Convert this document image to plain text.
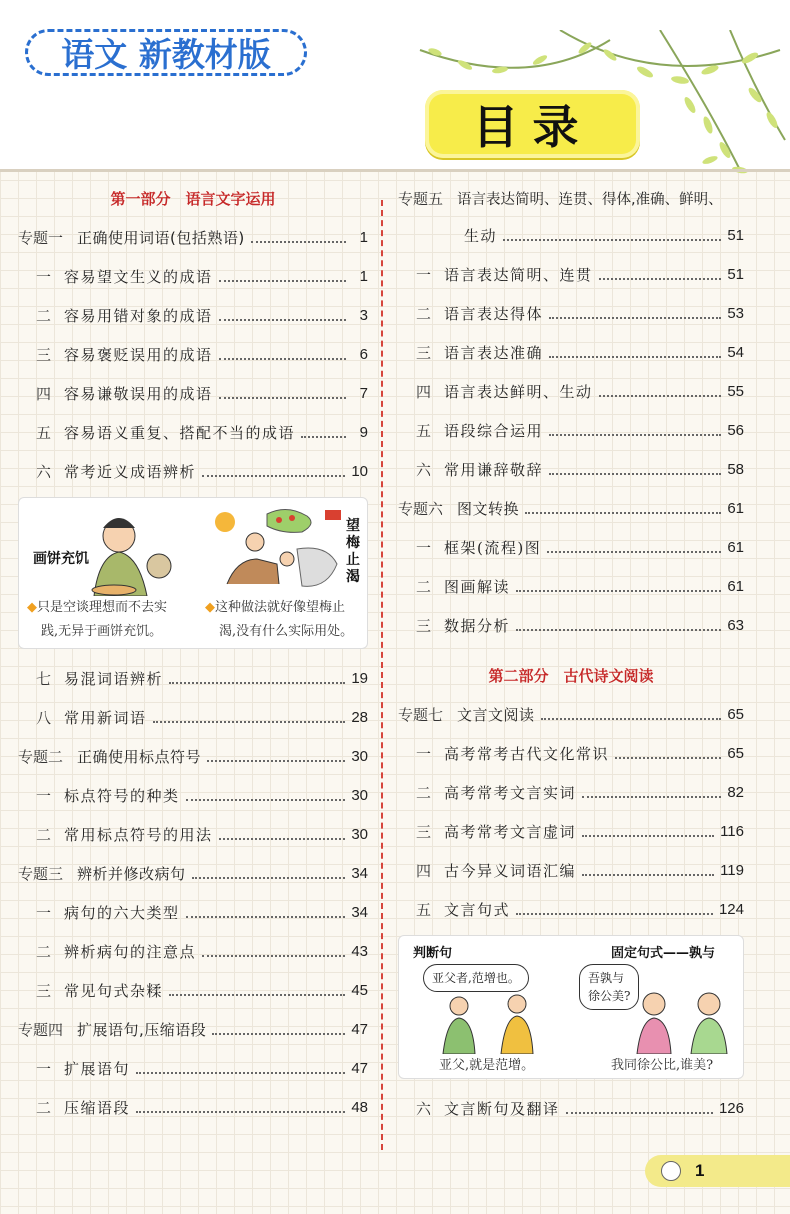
语文 新教材版
目录
第一部分　语言文字运用
专题一 正确使用词语(包括熟语)	1
一 容易望文生义的成语	1
二 容易用错对象的成语	3
三 容易褒贬误用的成语	6
四 容易谦敬误用的成语	7
五 容易语义重复、搭配不当的成语	9
六 常考近义成语辨析	10
画饼充饥
望梅止渴
◆只是空谈理想而不去实
践,无异于画饼充饥。
◆这种做法就好像望梅止
渴,没有什么实际用处。
七 易混词语辨析	19
八 常用新词语	28
专题二 正确使用标点符号	30
一 标点符号的种类	30
二 常用标点符号的用法	30
专题三 辨析并修改病句	34
一 病句的六大类型	34
二 辨析病句的注意点	43
三 常见句式杂糅	45
专题四 扩展语句,压缩语段	47
一 扩展语句	47
二 压缩语段	48
专题五 语言表达简明、连贯、得体,准确、鲜明、
生动	51
一 语言表达简明、连贯	51
二 语言表达得体	53
三 语言表达准确	54
四 语言表达鲜明、生动	55
五 语段综合运用	56
六 常用谦辞敬辞	58
专题六 图文转换	61
一 框架(流程)图	61
二 图画解读	61
三 数据分析	63
第二部分　古代诗文阅读
专题七 文言文阅读	65
一 高考常考古代文化常识	65
二 高考常考文言实词	82
三 高考常考文言虚词	116
四 古今异义词语汇编	119
五 文言句式	124
判断句	固定句式——孰与
亚父者,范增也。	吾孰与
徐公美?
亚父,就是范增。	我同徐公比,谁美?
六 文言断句及翻译	126
1
